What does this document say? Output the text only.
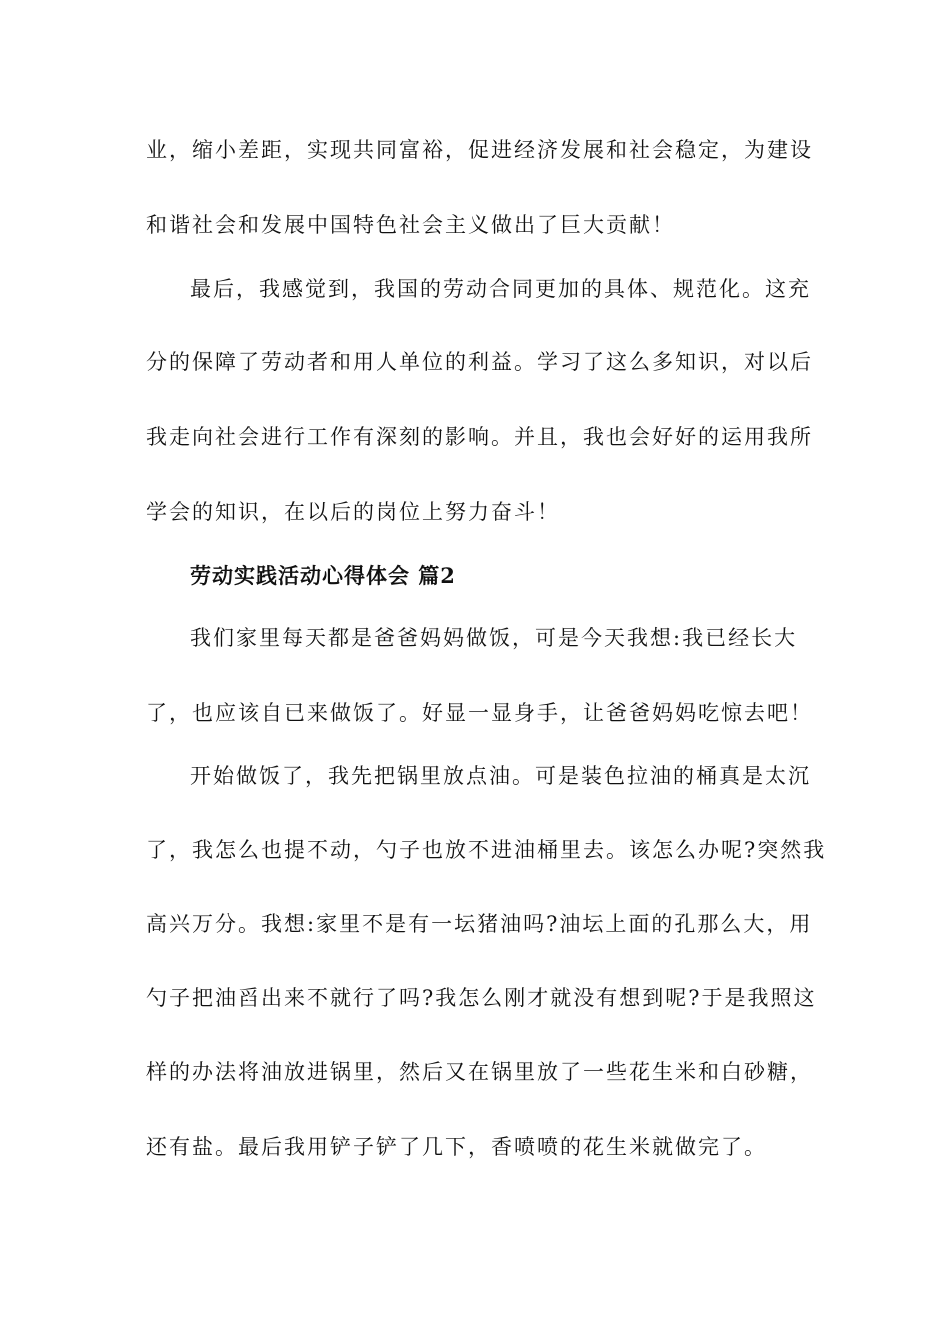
业，缩小差距，实现共同富裕，促进经济发展和社会稳定，为建设
和谐社会和发展中国特色社会主义做出了巨大贡献！
最后，我感觉到，我国的劳动合同更加的具体、规范化。这充
分的保障了劳动者和用人单位的利益。学习了这么多知识，对以后
我走向社会进行工作有深刻的影响。并且，我也会好好的运用我所
学会的知识，在以后的岗位上努力奋斗！
劳动实践活动心得体会 篇2
我们家里每天都是爸爸妈妈做饭，可是今天我想:我已经长大
了，也应该自已来做饭了。好显一显身手，让爸爸妈妈吃惊去吧！
开始做饭了，我先把锅里放点油。可是装色拉油的桶真是太沉
了，我怎么也提不动，勺子也放不进油桶里去。该怎么办呢?突然我
高兴万分。我想:家里不是有一坛猪油吗?油坛上面的孔那么大，用
勺子把油舀出来不就行了吗?我怎么刚才就没有想到呢?于是我照这
样的办法将油放进锅里，然后又在锅里放了一些花生米和白砂糖，
还有盐。最后我用铲子铲了几下，香喷喷的花生米就做完了。
